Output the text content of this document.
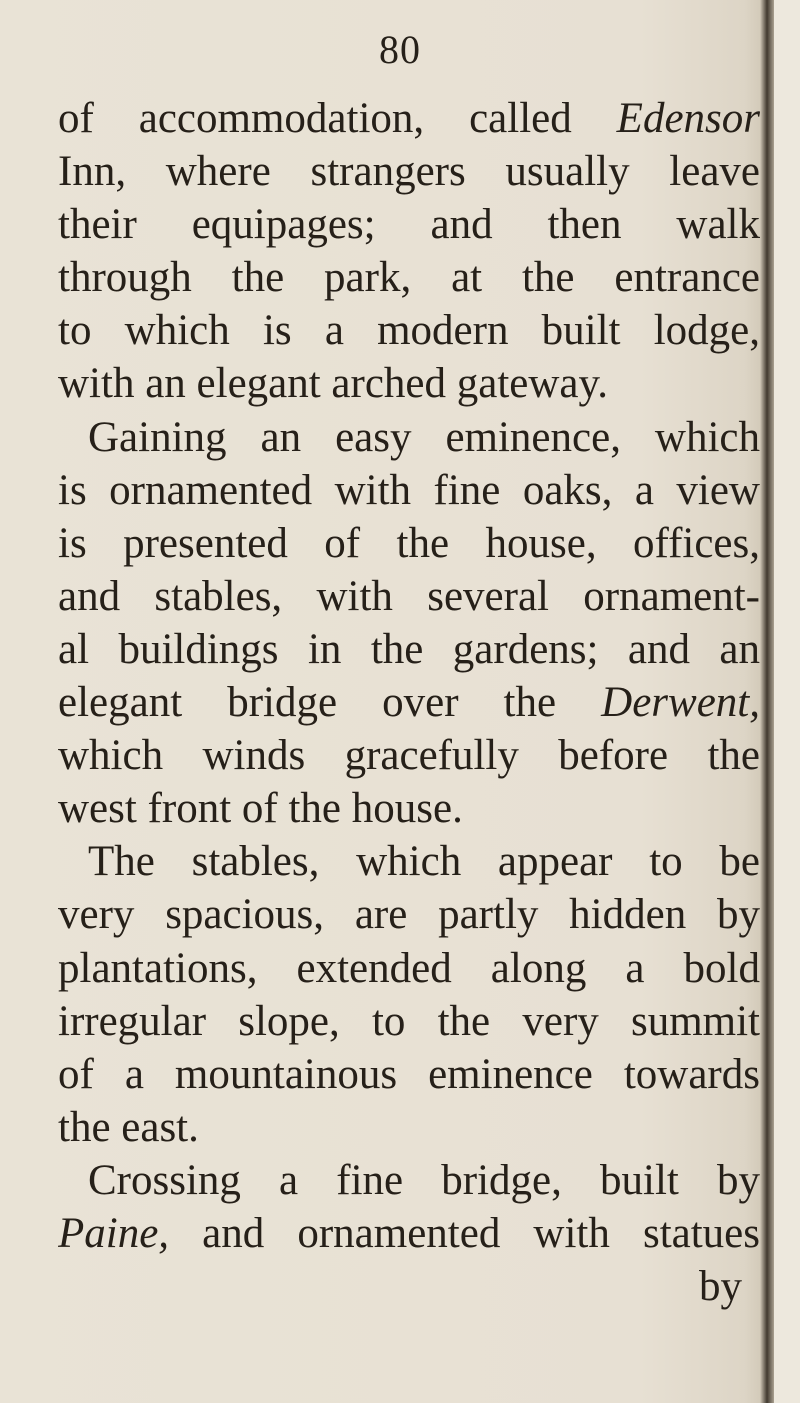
80
of accommodation, called Edensor
Inn, where strangers usually leave
their equipages; and then walk
through the park, at the entrance
to which is a modern built lodge,
with an elegant arched gateway.
Gaining an easy eminence, which
is ornamented with fine oaks, a view
is presented of the house, offices,
and stables, with several ornament-
al buildings in the gardens; and an
elegant bridge over the Derwent,
which winds gracefully before the
west front of the house.
The stables, which appear to be
very spacious, are partly hidden by
plantations, extended along a bold
irregular slope, to the very summit
of a mountainous eminence towards
the east.
Crossing a fine bridge, built by
Paine, and ornamented with statues
by
